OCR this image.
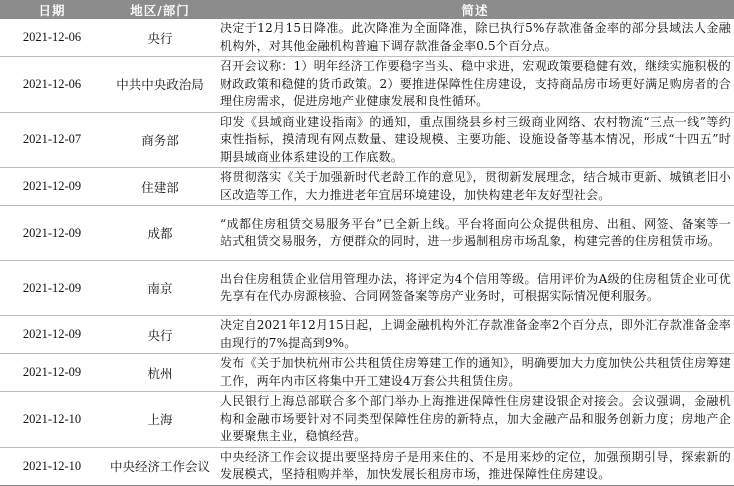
日期	地区/部门	简述
2021-12-06	央行	决定于12月15日降准。此次降准为全面降准，除已执行5%存款准备金率的部分县域法人金融机构外，对其他金融机构普遍下调存款准备金率0.5个百分点。
2021-12-06	中共中央政治局	召开会议称：1）明年经济工作要稳字当头、稳中求进，宏观政策要稳健有效，继续实施积极的财政政策和稳健的货币政策。2）要推进保障性住房建设，支持商品房市场更好满足购房者的合理住房需求，促进房地产业健康发展和良性循环。
2021-12-07	商务部	印发《县域商业建设指南》的通知，重点围绕县乡村三级商业网络、农村物流“三点一线”等约束性指标，摸清现有网点数量、建设规模、主要功能、设施设备等基本情况，形成“十四五”时期县域商业体系建设的工作底数。
2021-12-09	住建部	将贯彻落实《关于加强新时代老龄工作的意见》，贯彻新发展理念，结合城市更新、城镇老旧小区改造等工作，大力推进老年宜居环境建设，加快构建老年友好型社会。
2021-12-09	成都	“成都住房租赁交易服务平台”已全新上线。平台将面向公众提供租房、出租、网签、备案等一站式租赁交易服务，方便群众的同时，进一步遏制租房市场乱象，构建完善的住房租赁市场。
2021-12-09	南京	出台住房租赁企业信用管理办法，将评定为4个信用等级。信用评价为A级的住房租赁企业可优先享有在代办房源核验、合同网签备案等房产业务时，可根据实际情况便利服务。
2021-12-09	央行	决定自2021年12月15日起，上调金融机构外汇存款准备金率2个百分点，即外汇存款准备金率由现行的7%提高到9%。
2021-12-09	杭州	发布《关于加快杭州市公共租赁住房筹建工作的通知》，明确要加大力度加快公共租赁住房筹建工作，两年内市区将集中开工建设4万套公共租赁住房。
2021-12-10	上海	人民银行上海总部联合多个部门举办上海推进保障性住房建设银企对接会。会议强调，金融机构和金融市场要针对不同类型保障性住房的新特点，加大金融产品和服务创新力度；房地产企业要聚焦主业，稳慎经营。
2021-12-10	中央经济工作会议	中央经济工作会议提出要坚持房子是用来住的、不是用来炒的定位，加强预期引导，探索新的发展模式，坚持租购并举，加快发展长租房市场，推进保障性住房建设。
